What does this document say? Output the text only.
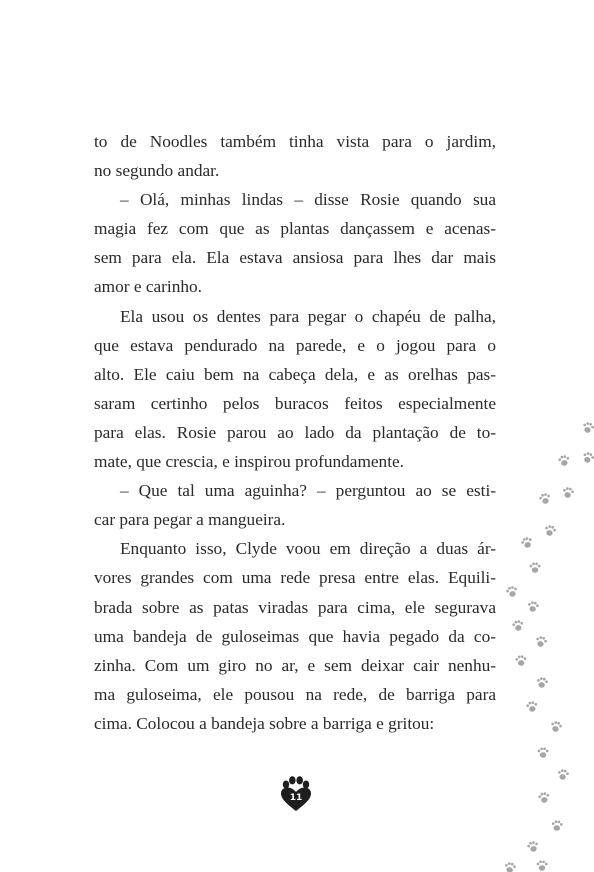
to de Noodles também tinha vista para o jardim,
no segundo andar.
– Olá, minhas lindas – disse Rosie quando sua
magia fez com que as plantas dançassem e acenas-
sem para ela. Ela estava ansiosa para lhes dar mais
amor e carinho.
Ela usou os dentes para pegar o chapéu de palha,
que estava pendurado na parede, e o jogou para o
alto. Ele caiu bem na cabeça dela, e as orelhas pas-
saram certinho pelos buracos feitos especialmente
para elas. Rosie parou ao lado da plantação de to-
mate, que crescia, e inspirou profundamente.
– Que tal uma aguinha? – perguntou ao se esti-
car para pegar a mangueira.
Enquanto isso, Clyde voou em direção a duas ár-
vores grandes com uma rede presa entre elas. Equili-
brada sobre as patas viradas para cima, ele segurava
uma bandeja de guloseimas que havia pegado da co-
zinha. Com um giro no ar, e sem deixar cair nenhu-
ma guloseima, ele pousou na rede, de barriga para
cima. Colocou a bandeja sobre a barriga e gritou:
11
